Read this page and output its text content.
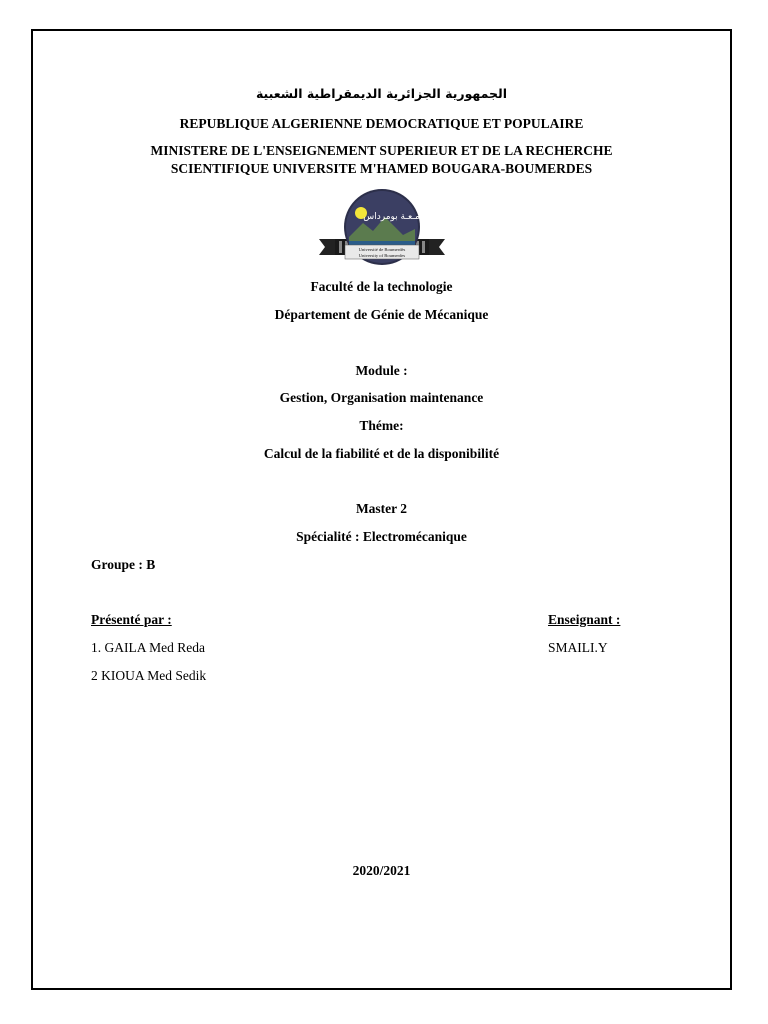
الجمهورية الجزائرية الديمقراطية الشعبية
REPUBLIQUE ALGERIENNE DEMOCRATIQUE ET POPULAIRE
MINISTERE DE L'ENSEIGNEMENT SUPERIEUR ET DE LA RECHERCHE
SCIENTIFIQUE UNIVERSITE M'HAMED BOUGARA-BOUMERDES
جـامـعـة بومرداس
Université de Boumerdès
University of Boumerdes
Faculté de la technologie
Département de Génie de Mécanique
Module :
Gestion, Organisation maintenance
Théme:
Calcul de la fiabilité et de la disponibilité
Master 2
Spécialité : Electromécanique
Groupe : B
Présenté par :
1. GAILA Med Reda
2 KIOUA Med Sedik
Enseignant :
SMAILI.Y
2020/2021
